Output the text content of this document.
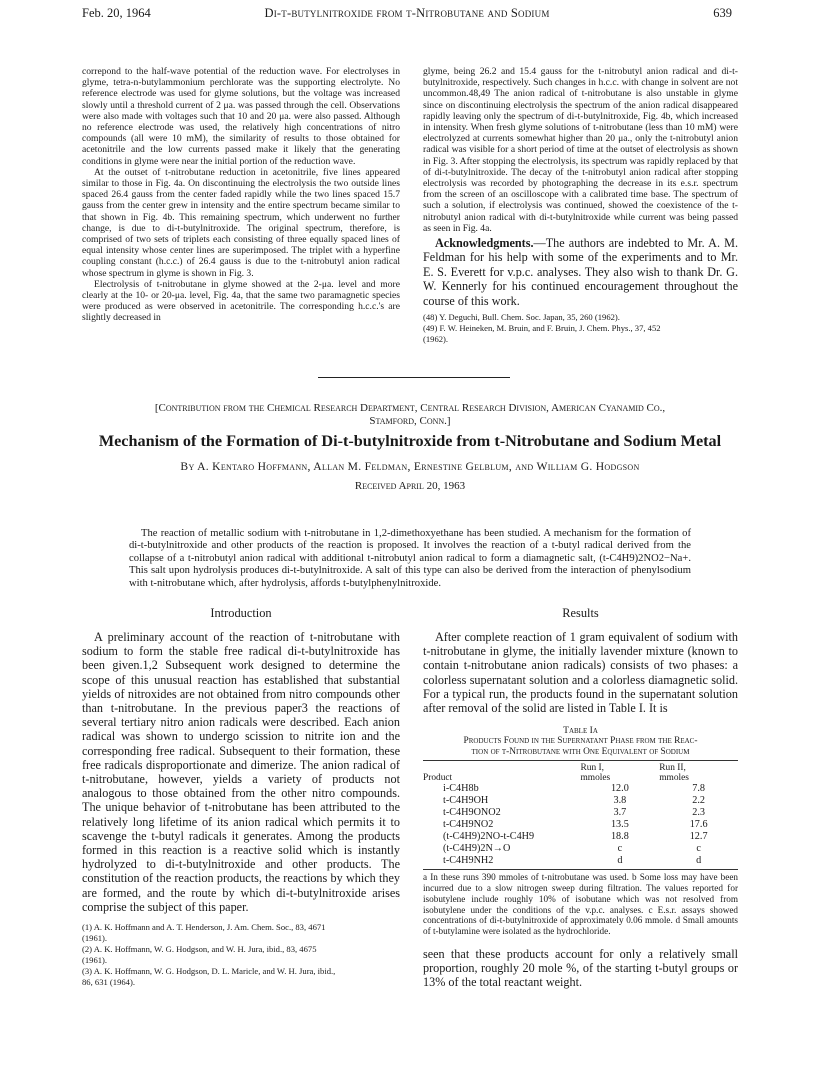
Feb. 20, 1964	Di-t-butylnitroxide from t-Nitrobutane and Sodium	639

correpond to the half-wave potential of the reduction wave. For electrolyses in glyme, tetra-n-butylammonium perchlorate was the supporting electrolyte. No reference electrode was used for glyme solutions, but the voltage was increased slowly until a threshold current of 2 μa. was passed through the cell. Observations were also made with voltages such that 10 and 20 μa. were also passed. Although no reference electrode was used, the relatively high concentrations of nitro compounds (all were 10 mM), the similarity of results to those obtained for acetonitrile and the low currents passed make it likely that the generating conditions in glyme were near the initial portion of the reduction wave.

At the outset of t-nitrobutane reduction in acetonitrile, five lines appeared similar to those in Fig. 4a. On discontinuing the electrolysis the two outside lines spaced 26.4 gauss from the center faded rapidly while the two lines spaced 15.7 gauss from the center grew in intensity and the entire spectrum became similar to that shown in Fig. 4b. This remaining spectrum, which underwent no further change, is due to di-t-butylnitroxide. The original spectrum, therefore, is comprised of two sets of triplets each consisting of three equally spaced lines of equal intensity whose center lines are superimposed. The triplet with a hyperfine coupling constant (h.c.c.) of 26.4 gauss is due to the t-nitrobutyl anion radical whose spectrum in glyme is shown in Fig. 3.

Electrolysis of t-nitrobutane in glyme showed at the 2-μa. level and more clearly at the 10- or 20-μa. level, Fig. 4a, that the same two paramagnetic species were produced as were observed in acetonitrile. The corresponding h.c.c.'s are slightly decreased in

glyme, being 26.2 and 15.4 gauss for the t-nitrobutyl anion radical and di-t-butylnitroxide, respectively. Such changes in h.c.c. with change in solvent are not uncommon.48,49 The anion radical of t-nitrobutane is also unstable in glyme since on discontinuing electrolysis the spectrum of the anion radical disappeared rapidly leaving only the spectrum of di-t-butylnitroxide, Fig. 4b, which increased in intensity. When fresh glyme solutions of t-nitrobutane (less than 10 mM) were electrolyzed at currents somewhat higher than 20 μa., only the t-nitrobutyl anion radical was visible for a short period of time at the outset of electrolysis as shown in Fig. 3. After stopping the electrolysis, its spectrum was rapidly replaced by that of di-t-butylnitroxide. The decay of the t-nitrobutyl anion radical after stopping electrolysis was recorded by photographing the decrease in its e.s.r. spectrum from the screen of an oscilloscope with a calibrated time base. The spectrum of such a solution, if electrolysis was continued, showed the coexistence of the t-nitrobutyl anion radical with di-t-butylnitroxide while current was being passed as seen in Fig. 4a.

Acknowledgments.—The authors are indebted to Mr. A. M. Feldman for his help with some of the experiments and to Mr. E. S. Everett for v.p.c. analyses. They also wish to thank Dr. G. W. Kennerly for his continued encouragement throughout the course of this work.

(48) Y. Deguchi, Bull. Chem. Soc. Japan, 35, 260 (1962).

(49) F. W. Heineken, M. Bruin, and F. Bruin, J. Chem. Phys., 37, 452

(1962).

[Contribution from the Chemical Research Department, Central Research Division, American Cyanamid Co.,
Stamford, Conn.]
Mechanism of the Formation of Di-t-butylnitroxide from t-Nitrobutane and Sodium Metal
By A. Kentaro Hoffmann, Allan M. Feldman, Ernestine Gelblum, and William G. Hodgson
Received April 20, 1963
The reaction of metallic sodium with t-nitrobutane in 1,2-dimethoxyethane has been studied. A mechanism for the formation of di-t-butylnitroxide and other products of the reaction is proposed. It involves the reaction of a t-butyl radical derived from the collapse of a t-nitrobutyl anion radical with additional t-nitrobutyl anion radical to form a diamagnetic salt, (t-C4H9)2NO2−Na+. This salt upon hydrolysis produces di-t-butylnitroxide. A salt of this type can also be derived from the interaction of phenylsodium with t-nitrobutane which, after hydrolysis, affords t-butylphenylnitroxide.
Introduction

A preliminary account of the reaction of t-nitrobutane with sodium to form the stable free radical di-t-butylnitroxide has been given.1,2 Subsequent work designed to determine the scope of this unusual reaction has established that substantial yields of nitroxides are not obtained from nitro compounds other than t-nitrobutane. In the previous paper3 the reactions of several tertiary nitro anion radicals were described. Each anion radical was shown to undergo scission to nitrite ion and the corresponding free radical. Subsequent to their formation, these free radicals disproportionate and dimerize. The anion radical of t-nitrobutane, however, yields a variety of products not analogous to those obtained from the other nitro compounds. The unique behavior of t-nitrobutane has been attributed to the relatively long lifetime of its anion radical which permits it to scavenge the t-butyl radicals it generates. Among the products formed in this reaction is a reactive solid which is instantly hydrolyzed to di-t-butylnitroxide and other products. The constitution of the reaction products, the reactions by which they are formed, and the route by which di-t-butylnitroxide arises comprise the subject of this paper.

(1) A. K. Hoffmann and A. T. Henderson, J. Am. Chem. Soc., 83, 4671

(1961).

(2) A. K. Hoffmann, W. G. Hodgson, and W. H. Jura, ibid., 83, 4675

(1961).

(3) A. K. Hoffmann, W. G. Hodgson, D. L. Maricle, and W. H. Jura, ibid.,

86, 631 (1964).

Results

After complete reaction of 1 gram equivalent of sodium with t-nitrobutane in glyme, the initially lavender mixture (known to contain t-nitrobutane anion radicals) consists of two phases: a colorless supernatant solution and a colorless diamagnetic solid. For a typical run, the products found in the supernatant solution after removal of the solid are listed in Table I. It is

Table Ia
Products Found in the Supernatant Phase from the Reac-
tion of t-Nitrobutane with One Equivalent of Sodium

	Run I,	Run II,

Product	mmoles	mmoles
i-C4H8b	12.0	7.8
t-C4H9OH	3.8	2.2
t-C4H9ONO2	3.7	2.3
t-C4H9NO2	13.5	17.6
(t-C4H9)2NO-t-C4H9	18.8	12.7
(t-C4H9)2N→O	c	c
t-C4H9NH2	d	d
a In these runs 390 mmoles of t-nitrobutane was used. b Some loss may have been incurred due to a slow nitrogen sweep during filtration. The values reported for isobutylene include roughly 10% of isobutane which was not resolved from isobutylene under the conditions of the v.p.c. analyses. c E.s.r. assays showed concentrations of di-t-butylnitroxide of approximately 0.06 mmole. d Small amounts of t-butylamine were isolated as the hydrochloride.

seen that these products account for only a relatively small proportion, roughly 20 mole %, of the starting t-butyl groups or 13% of the total reactant weight.
